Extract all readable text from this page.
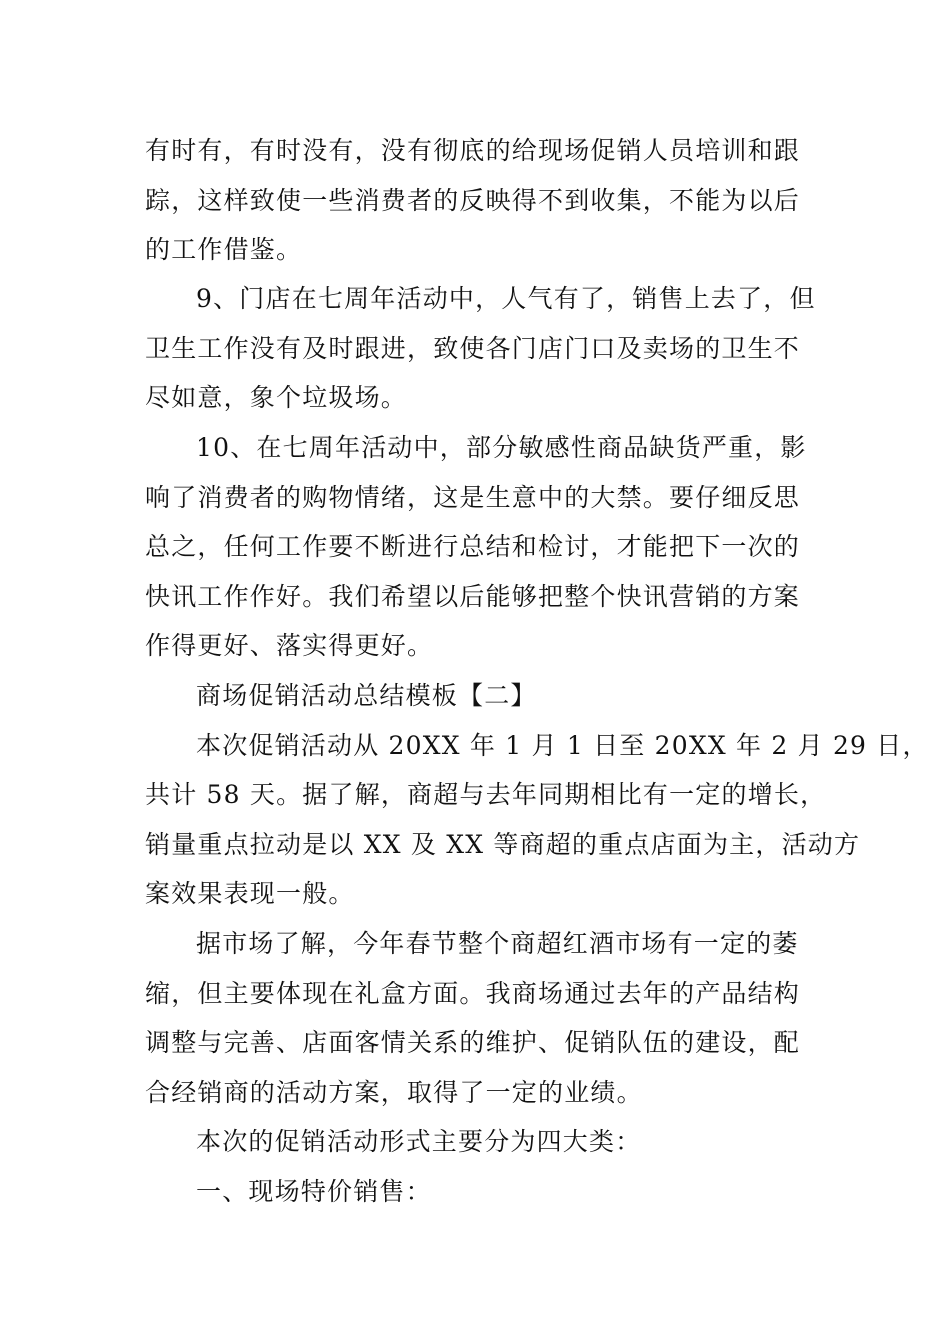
有时有，有时没有，没有彻底的给现场促销人员培训和跟
踪，这样致使一些消费者的反映得不到收集，不能为以后
的工作借鉴。
9、门店在七周年活动中，人气有了，销售上去了，但
卫生工作没有及时跟进，致使各门店门口及卖场的卫生不
尽如意，象个垃圾场。
10、在七周年活动中，部分敏感性商品缺货严重，影
响了消费者的购物情绪，这是生意中的大禁。要仔细反思
总之，任何工作要不断进行总结和检讨，才能把下一次的
快讯工作作好。我们希望以后能够把整个快讯营销的方案
作得更好、落实得更好。
商场促销活动总结模板【二】
本次促销活动从 20XX 年 1 月 1 日至 20XX 年 2 月 29 日，
共计 58 天。据了解，商超与去年同期相比有一定的增长，
销量重点拉动是以 XX 及 XX 等商超的重点店面为主，活动方
案效果表现一般。
据市场了解，今年春节整个商超红酒市场有一定的萎
缩，但主要体现在礼盒方面。我商场通过去年的产品结构
调整与完善、店面客情关系的维护、促销队伍的建设，配
合经销商的活动方案，取得了一定的业绩。
本次的促销活动形式主要分为四大类：
一、现场特价销售：
